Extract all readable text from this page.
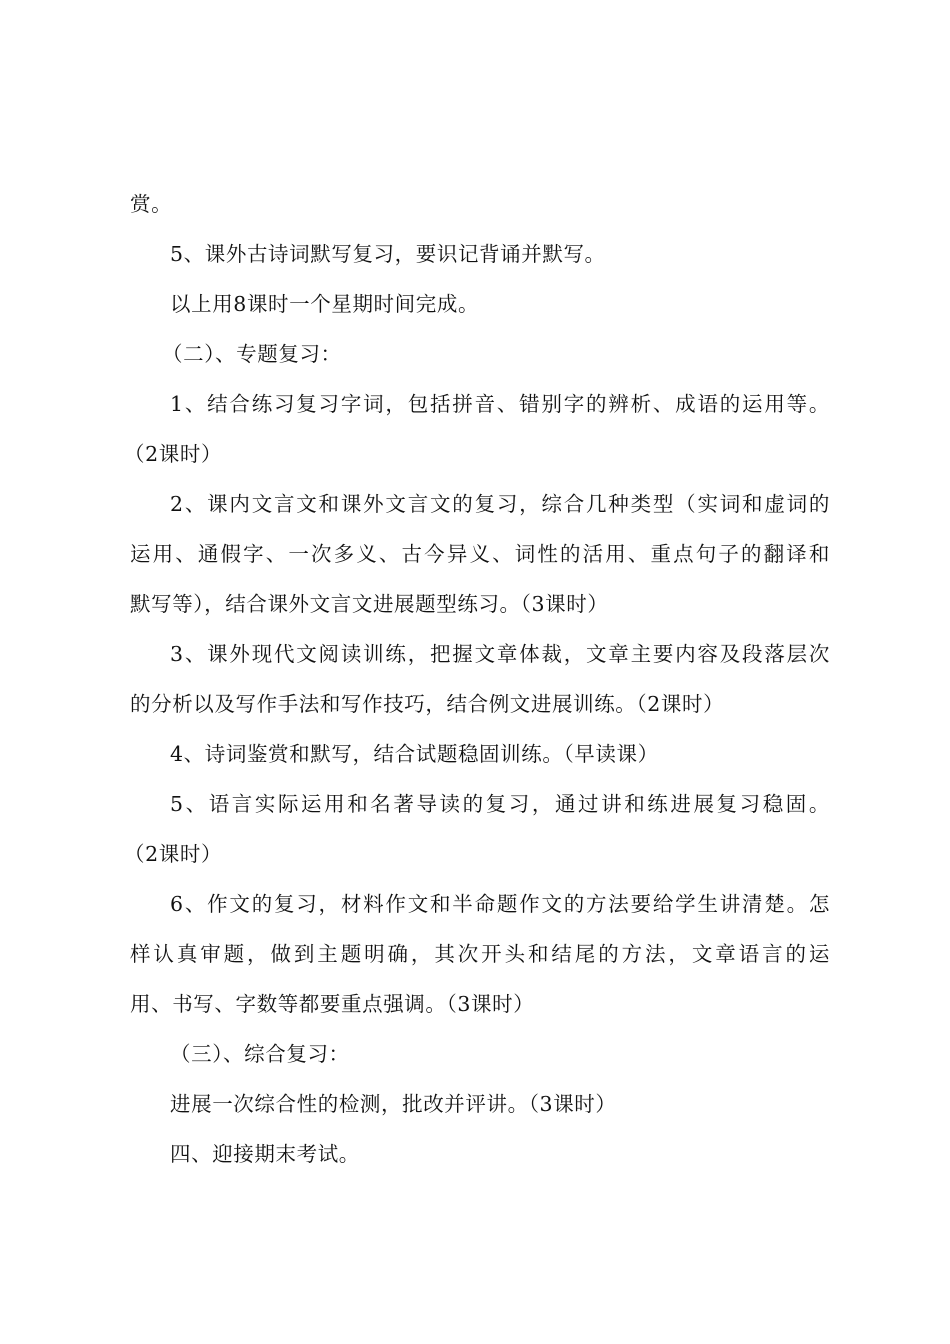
赏。
5、课外古诗词默写复习，要识记背诵并默写。
以上用8课时一个星期时间完成。
（二）、专题复习：
1、结合练习复习字词，包括拼音、错别字的辨析、成语的运用等。
（2课时）
2、课内文言文和课外文言文的复习，综合几种类型（实词和虚词的
运用、通假字、一次多义、古今异义、词性的活用、重点句子的翻译和
默写等），结合课外文言文进展题型练习。（3课时）
3、课外现代文阅读训练，把握文章体裁，文章主要内容及段落层次
的分析以及写作手法和写作技巧，结合例文进展训练。（2课时）
4、诗词鉴赏和默写，结合试题稳固训练。（早读课）
5、语言实际运用和名著导读的复习，通过讲和练进展复习稳固。
（2课时）
6、作文的复习，材料作文和半命题作文的方法要给学生讲清楚。怎
样认真审题，做到主题明确，其次开头和结尾的方法，文章语言的运
用、书写、字数等都要重点强调。（3课时）
（三）、综合复习：
进展一次综合性的检测，批改并评讲。（3课时）
四、迎接期末考试。
